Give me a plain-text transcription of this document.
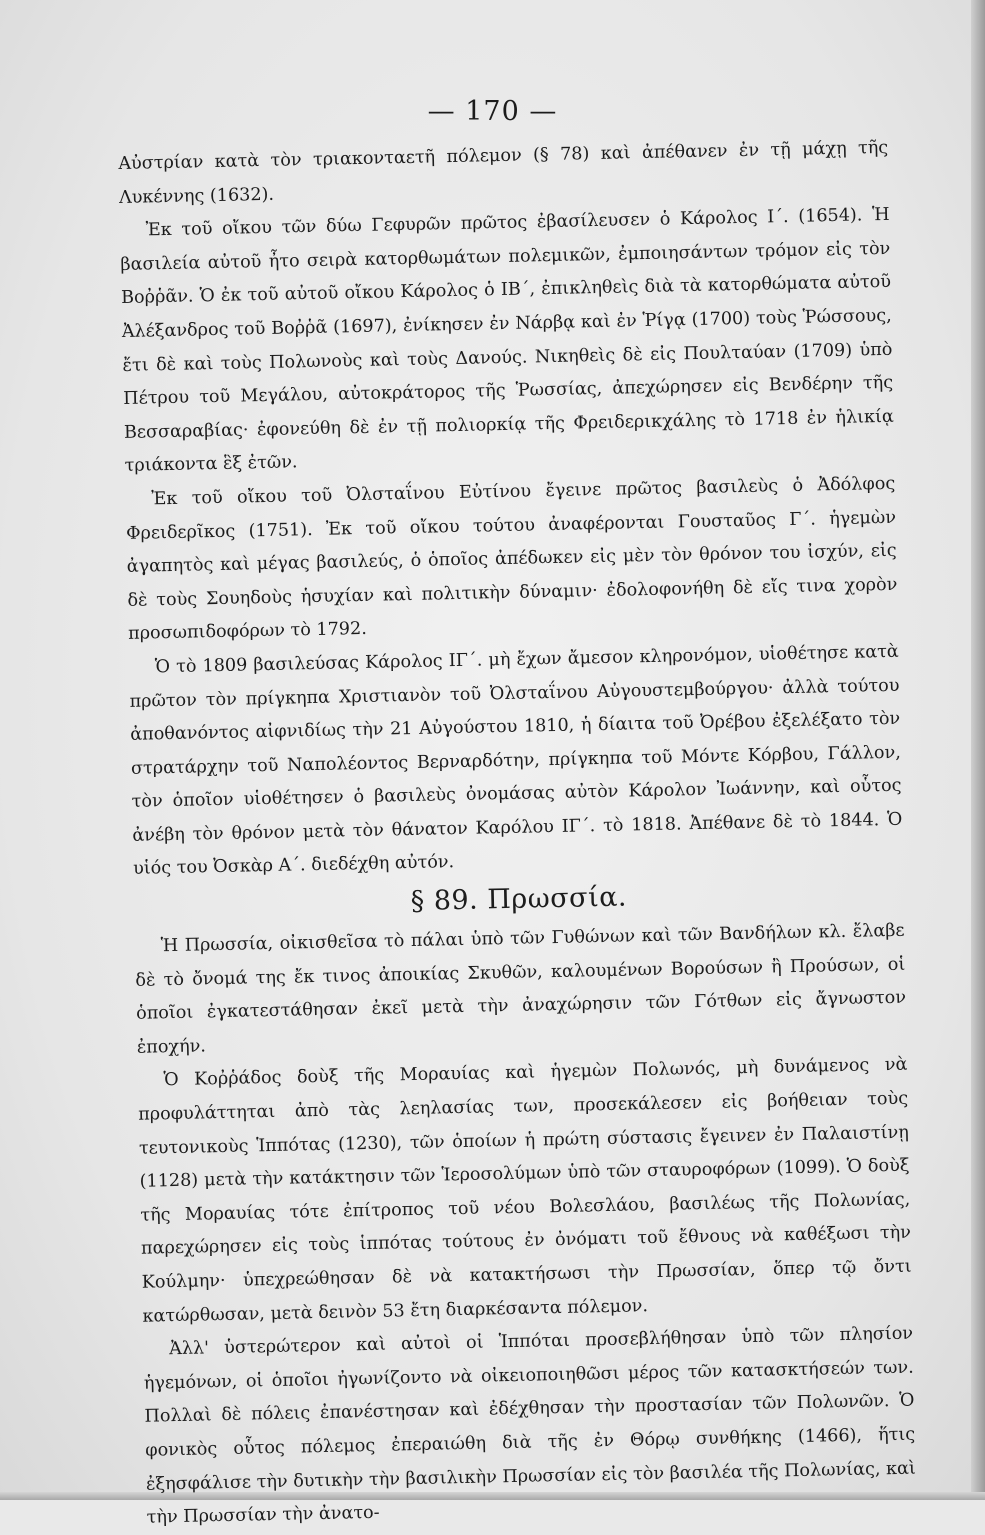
— 170 —

Αὐστρίαν κατὰ τὸν τριακονταετῆ πόλεμον (§ 78) καὶ ἀπέθανεν ἐν τῇ μάχῃ τῆς Λυκέννης (1632).

Ἐκ τοῦ οἴκου τῶν δύω Γεφυρῶν πρῶτος ἐβασίλευσεν ὁ Κάρολος Ι΄. (1654). Ἡ βασιλεία αὐτοῦ ἦτο σειρὰ κατορθωμάτων πολεμικῶν, ἐμποιησάντων τρόμον εἰς τὸν Βοῤῥᾶν. Ὁ ἐκ τοῦ αὐτοῦ οἴκου Κάρολος ὁ ΙΒ΄, ἐπικληθεὶς διὰ τὰ κατορθώματα αὐτοῦ Ἀλέξανδρος τοῦ Βοῤῥᾶ (1697), ἐνίκησεν ἐν Νάρβᾳ καὶ ἐν Ῥίγᾳ (1700) τοὺς Ῥώσσους, ἔτι δὲ καὶ τοὺς Πολωνοὺς καὶ τοὺς Δανούς. Νικηθεὶς δὲ εἰς Πουλταύαν (1709) ὑπὸ Πέτρου τοῦ Μεγάλου, αὐτοκράτορος τῆς Ῥωσσίας, ἀπεχώρησεν εἰς Βενδέρην τῆς Βεσσαραβίας· ἐφονεύθη δὲ ἐν τῇ πολιορκίᾳ τῆς Φρειδερικχάλης τὸ 1718 ἐν ἡλικίᾳ τριάκοντα ἓξ ἐτῶν.

Ἐκ τοῦ οἴκου τοῦ Ὀλσταΐνου Εὐτίνου ἔγεινε πρῶτος βασιλεὺς ὁ Ἀδόλφος Φρειδερῖκος (1751). Ἐκ τοῦ οἴκου τούτου ἀναφέρονται Γουσταῦος Γ΄. ἡγεμὼν ἀγαπητὸς καὶ μέγας βασιλεύς, ὁ ὁποῖος ἀπέδωκεν εἰς μὲν τὸν θρόνον του ἰσχύν, εἰς δὲ τοὺς Σουηδοὺς ἡσυχίαν καὶ πολιτικὴν δύναμιν· ἐδολοφονήθη δὲ εἴς τινα χορὸν προσωπιδοφόρων τὸ 1792.

Ὁ τὸ 1809 βασιλεύσας Κάρολος ΙΓ΄. μὴ ἔχων ἄμεσον κληρονόμον, υἱοθέτησε κατὰ πρῶτον τὸν πρίγκηπα Χριστιανὸν τοῦ Ὀλσταΐνου Αὐγουστεμβούργου· ἀλλὰ τούτου ἀποθανόντος αἰφνιδίως τὴν 21 Αὐγούστου 1810, ἡ δίαιτα τοῦ Ὀρέβου ἐξελέξατο τὸν στρατάρχην τοῦ Ναπολέοντος Βερναρδότην, πρίγκηπα τοῦ Μόντε Κόρβου, Γάλλον, τὸν ὁποῖον υἱοθέτησεν ὁ βασιλεὺς ὀνομάσας αὐτὸν Κάρολον Ἰωάννην, καὶ οὗτος ἀνέβη τὸν θρόνον μετὰ τὸν θάνατον Καρόλου ΙΓ΄. τὸ 1818. Ἀπέθανε δὲ τὸ 1844. Ὁ υἱός του Ὀσκὰρ Α΄. διεδέχθη αὐτόν.

§ 89. Πρωσσία.

Ἡ Πρωσσία, οἰκισθεῖσα τὸ πάλαι ὑπὸ τῶν Γυθώνων καὶ τῶν Βανδήλων κλ. ἔλαβε δὲ τὸ ὄνομά της ἔκ τινος ἀποικίας Σκυθῶν, καλουμένων Βορούσων ἢ Προύσων, οἱ ὁποῖοι ἐγκατεστάθησαν ἐκεῖ μετὰ τὴν ἀναχώρησιν τῶν Γότθων εἰς ἄγνωστον ἐποχήν.

Ὁ Κοῤῥάδος δοὺξ τῆς Μοραυίας καὶ ἡγεμὼν Πολωνός, μὴ δυνάμενος νὰ προφυλάττηται ἀπὸ τὰς λεηλασίας των, προσεκάλεσεν εἰς βοήθειαν τοὺς τευτονικοὺς Ἱππότας (1230), τῶν ὁποίων ἡ πρώτη σύστασις ἔγεινεν ἐν Παλαιστίνῃ (1128) μετὰ τὴν κατάκτησιν τῶν Ἱεροσολύμων ὑπὸ τῶν σταυροφόρων (1099). Ὁ δοὺξ τῆς Μοραυίας τότε ἐπίτροπος τοῦ νέου Βολεσλάου, βασιλέως τῆς Πολωνίας, παρεχώρησεν εἰς τοὺς ἱππότας τούτους ἐν ὀνόματι τοῦ ἔθνους νὰ καθέξωσι τὴν Κούλμην· ὑπεχρεώθησαν δὲ νὰ κατακτήσωσι τὴν Πρωσσίαν, ὅπερ τῷ ὄντι κατώρθωσαν, μετὰ δεινὸν 53 ἔτη διαρκέσαντα πόλεμον.

Ἀλλ' ὑστερώτερον καὶ αὐτοὶ οἱ Ἱππόται προσεβλήθησαν ὑπὸ τῶν πλησίον ἡγεμόνων, οἱ ὁποῖοι ἠγωνίζοντο νὰ οἰκειοποιηθῶσι μέρος τῶν κατασκτήσεών των. Πολλαὶ δὲ πόλεις ἐπανέστησαν καὶ ἐδέχθησαν τὴν προστασίαν τῶν Πολωνῶν. Ὁ φονικὸς οὗτος πόλεμος ἐπεραιώθη διὰ τῆς ἐν Θόρῳ συνθήκης (1466), ἥτις ἐξησφάλισε τὴν δυτικὴν τὴν βασιλικὴν Πρωσσίαν εἰς τὸν βασιλέα τῆς Πολωνίας, καὶ τὴν Πρωσσίαν τὴν ἀνατο-
